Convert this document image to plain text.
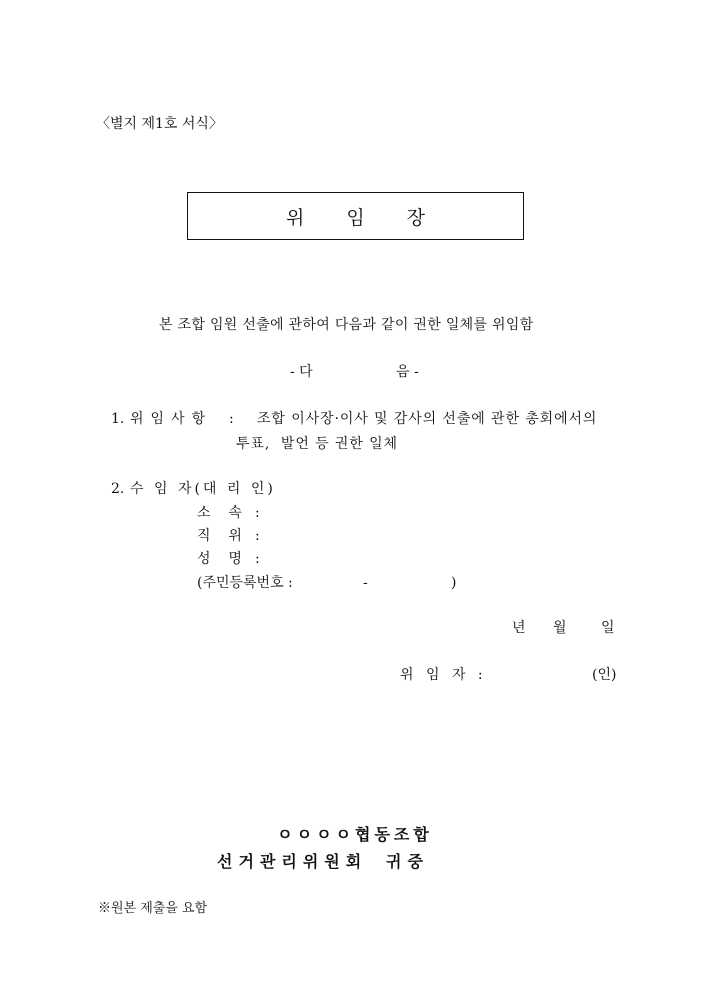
〈별지 제1호 서식〉
위임장
본 조합 임원 선출에 관하여 다음과 같이 권한 일체를 위임함
- 다	음 -
1. 위임사항 : 조합 이사장·이사 및 감사의 선출에 관한 총회에서의
투표,  발언 등 권한 일체
2. 수 임 자(대 리 인)
소    속 :
직    위 :
성    명 :
(주민등록번호 :	-	)
년 월 일
위 임 자 :	(인)
ㅇㅇㅇㅇ협동조합
선거관리위원회 귀중
※원본 제출을 요함
